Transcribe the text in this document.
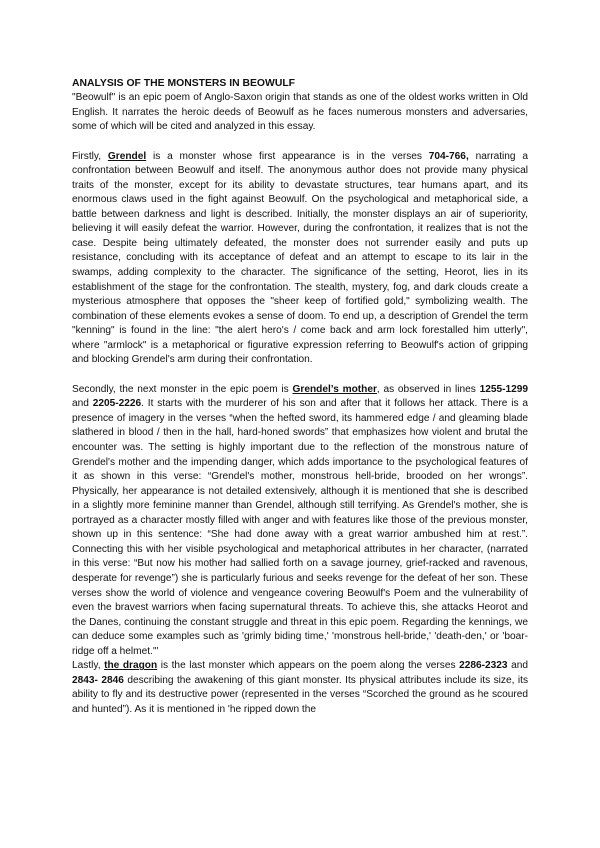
ANALYSIS OF THE MONSTERS IN BEOWULF

"Beowulf" is an epic poem of Anglo-Saxon origin that stands as one of the oldest works written in Old English. It narrates the heroic deeds of Beowulf as he faces numerous monsters and adversaries, some of which will be cited and analyzed in this essay.

Firstly, Grendel is a monster whose first appearance is in the verses 704-766, narrating a confrontation between Beowulf and itself. The anonymous author does not provide many physical traits of the monster, except for its ability to devastate structures, tear humans apart, and its enormous claws used in the fight against Beowulf. On the psychological and metaphorical side, a battle between darkness and light is described. Initially, the monster displays an air of superiority, believing it will easily defeat the warrior. However, during the confrontation, it realizes that is not the case. Despite being ultimately defeated, the monster does not surrender easily and puts up resistance, concluding with its acceptance of defeat and an attempt to escape to its lair in the swamps, adding complexity to the character. The significance of the setting, Heorot, lies in its establishment of the stage for the confrontation. The stealth, mystery, fog, and dark clouds create a mysterious atmosphere that opposes the "sheer keep of fortified gold," symbolizing wealth. The combination of these elements evokes a sense of doom. To end up, a description of Grendel the term "kenning" is found in the line: "the alert hero's / come back and arm lock forestalled him utterly", where "armlock" is a metaphorical or figurative expression referring to Beowulf's action of gripping and blocking Grendel's arm during their confrontation.

Secondly, the next monster in the epic poem is Grendel’s mother, as observed in lines 1255-1299 and 2205-2226. It starts with the murderer of his son and after that it follows her attack. There is a presence of imagery in the verses “when the hefted sword, its hammered edge / and gleaming blade slathered in blood / then in the hall, hard-honed swords” that emphasizes how violent and brutal the encounter was. The setting is highly important due to the reflection of the monstrous nature of Grendel's mother and the impending danger, which adds importance to the psychological features of it as shown in this verse: “Grendel's mother, monstrous hell-bride, brooded on her wrongs”. Physically, her appearance is not detailed extensively, although it is mentioned that she is described in a slightly more feminine manner than Grendel, although still terrifying. As Grendel's mother, she is portrayed as a character mostly filled with anger and with features like those of the previous monster, shown up in this sentence: “She had done away with a great warrior ambushed him at rest.”. Connecting this with her visible psychological and metaphorical attributes in her character, (narrated in this verse: “But now his mother had sallied forth on a savage journey, grief-racked and ravenous, desperate for revenge”) she is particularly furious and seeks revenge for the defeat of her son. These verses show the world of violence and vengeance covering Beowulf's Poem and the vulnerability of even the bravest warriors when facing supernatural threats. To achieve this, she attacks Heorot and the Danes, continuing the constant struggle and threat in this epic poem. Regarding the kennings, we can deduce some examples such as 'grimly biding time,' 'monstrous hell-bride,' 'death-den,' or 'boar-ridge off a helmet.'"

Lastly, the dragon is the last monster which appears on the poem along the verses 2286-2323 and 2843- 2846 describing the awakening of this giant monster. Its physical attributes include its size, its ability to fly and its destructive power (represented in the verses “Scorched the ground as he scoured and hunted”). As it is mentioned in 'he ripped down the
